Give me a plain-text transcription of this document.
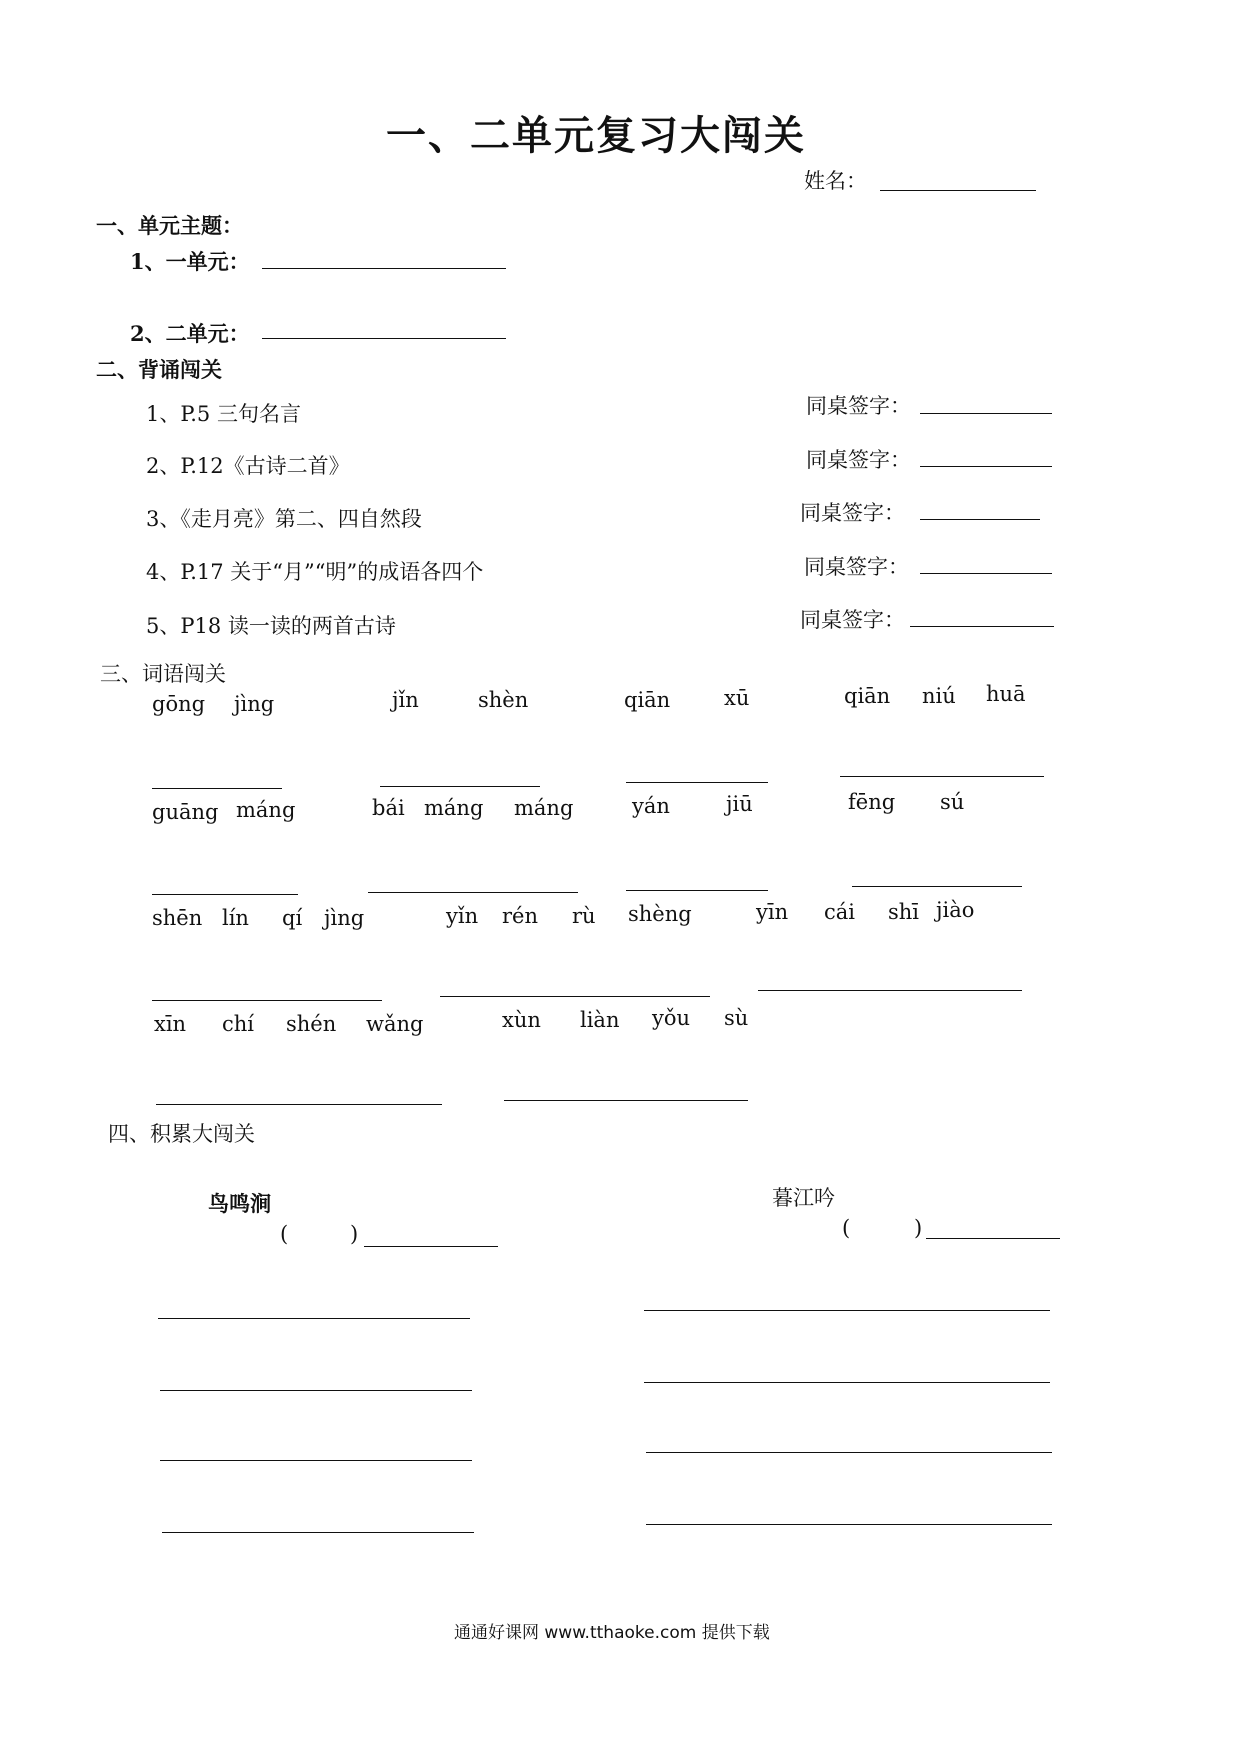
一、二单元复习大闯关
姓名：
一、单元主题：
1、一单元：
2、二单元：
二、背诵闯关
1、P.5 三句名言	同桌签字：
2、P.12《古诗二首》	同桌签字：
3、《走月亮》第二、四自然段	同桌签字：
4、P.17 关于“月”“明”的成语各四个	同桌签字：
5、P18 读一读的两首古诗	同桌签字：
三、词语闯关
gōng jìng	jǐn	shèn	qiān	xū	qiān niú huā
guāng máng	bái máng máng	yán	jiū	fēng sú
shēn lín qí jìng	yǐn rén rù shèng	yīn cái shī jiào
xīn chí shén wǎng	xùn liàn yǒu sù
四、积累大闯关
鸟鸣涧
(	)
暮江吟
(	)
通通好课网 www.tthaoke.com 提供下载
